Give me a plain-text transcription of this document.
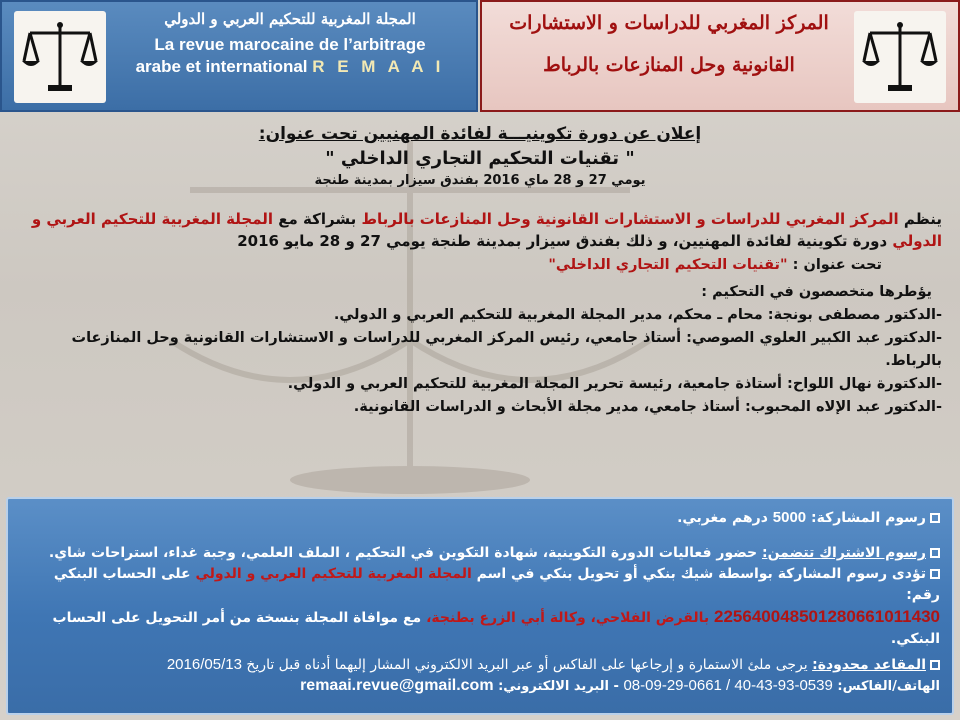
المجلة المغربية للتحكيم العربي و الدولي
La revue marocaine de l’arbitrage
arabe et international R E M A A I
المركز المغربي للدراسات و الاستشارات
القانونية وحل المنازعات بالرباط
إعلان عن دورة تكوينيـــة لفائدة المهنيين تحت عنوان:
" تقنيات التحكيم التجاري الداخلي "
يومي 27 و 28 ماي 2016 بفندق سيزار بمدينة طنجة
ينظم المركز المغربي للدراسات و الاستشارات القانونية وحل المنازعات بالرباط بشراكة مع المجلة المغربية للتحكيم العربي و الدولي دورة تكوينية لفائدة المهنيين، و ذلك بفندق سيزار بمدينة طنجة يومي 27 و 28 مايو 2016
تحت عنوان : "تقنيات التحكيم التجاري الداخلي"
يؤطرها متخصصون في التحكيم :
-الدكتور مصطفى بونجة: محام ـ محكم، مدير المجلة المغربية للتحكيم العربي و الدولي.
-الدكتور عبد الكبير العلوي الصوصي: أستاذ جامعي، رئيس المركز المغربي للدراسات و الاستشارات القانونية وحل المنازعات بالرباط.
-الدكتورة نهال اللواح: أستاذة جامعية، رئيسة تحرير المجلة المغربية للتحكيم العربي و الدولي.
-الدكتور عبد الإلاه المحبوب: أستاذ جامعي، مدير مجلة الأبحاث و الدراسات القانونية.
رسوم المشاركة: 5000 درهم مغربي.
رسوم الاشتراك تتضمن: حضور فعاليات الدورة التكوينية، شهادة التكوين في التحكيم ، الملف العلمي، وجبة غداء، استراحات شاي.
تؤدى رسوم المشاركة بواسطة شيك بنكي أو تحويل بنكي في اسم المجلة المغربية للتحكيم العربي و الدولي على الحساب البنكي رقم:
225640048501280661011430 بالقرض الفلاحي، وكالة أبي الزرع بطنجة، مع موافاة المجلة بنسخة من أمر التحويل على الحساب البنكي.
المقاعد محدودة: يرجى ملئ الاستمارة و إرجاعها على الفاكس أو عبر البريد الالكتروني المشار إليهما أدناه قبل تاريخ 2016/05/13
الهاتف/الفاكس: 0539-93-43-40 / 0661-29-09-08 - البريد الالكتروني: remaai.revue@gmail.com
